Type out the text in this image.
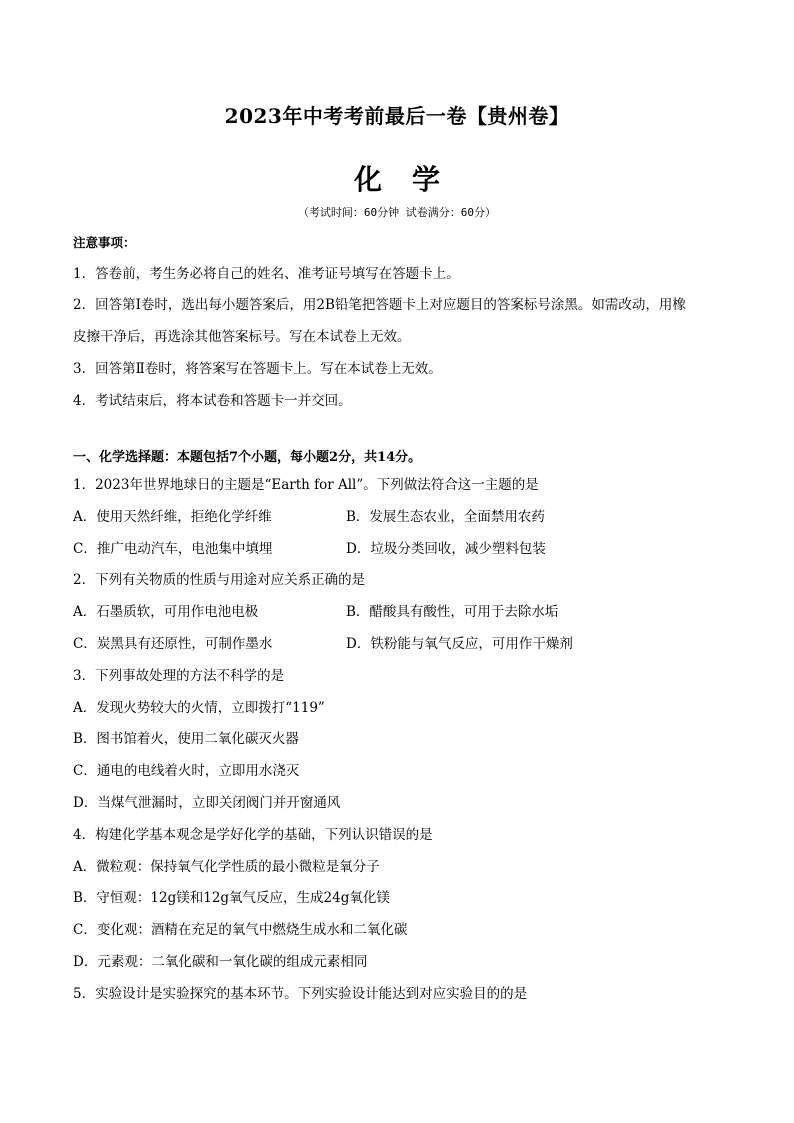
2023年中考考前最后一卷【贵州卷】
化学
（考试时间：60分钟 试卷满分：60分）
注意事项：
1．答卷前，考生务必将自己的姓名、准考证号填写在答题卡上。
2．回答第Ⅰ卷时，选出每小题答案后，用2B铅笔把答题卡上对应题目的答案标号涂黑。如需改动，用橡
皮擦干净后，再选涂其他答案标号。写在本试卷上无效。
3．回答第Ⅱ卷时，将答案写在答题卡上。写在本试卷上无效。
4．考试结束后，将本试卷和答题卡一并交回。
一、化学选择题：本题包括7个小题，每小题2分，共14分。
1．2023年世界地球日的主题是“Earth for All”。下列做法符合这一主题的是
A．使用天然纤维，拒绝化学纤维	B．发展生态农业，全面禁用农药
C．推广电动汽车，电池集中填埋	D．垃圾分类回收，减少塑料包装
2．下列有关物质的性质与用途对应关系正确的是
A．石墨质软，可用作电池电极	B．醋酸具有酸性，可用于去除水垢
C．炭黑具有还原性，可制作墨水	D．铁粉能与氧气反应，可用作干燥剂
3．下列事故处理的方法不科学的是
A．发现火势较大的火情，立即拨打“119”
B．图书馆着火，使用二氧化碳灭火器
C．通电的电线着火时，立即用水浇灭
D．当煤气泄漏时，立即关闭阀门并开窗通风
4．构建化学基本观念是学好化学的基础，下列认识错误的是
A．微粒观：保持氧气化学性质的最小微粒是氧分子
B．守恒观：12g镁和12g氧气反应，生成24g氧化镁
C．变化观：酒精在充足的氧气中燃烧生成水和二氧化碳
D．元素观：二氧化碳和一氧化碳的组成元素相同
5．实验设计是实验探究的基本环节。下列实验设计能达到对应实验目的的是
